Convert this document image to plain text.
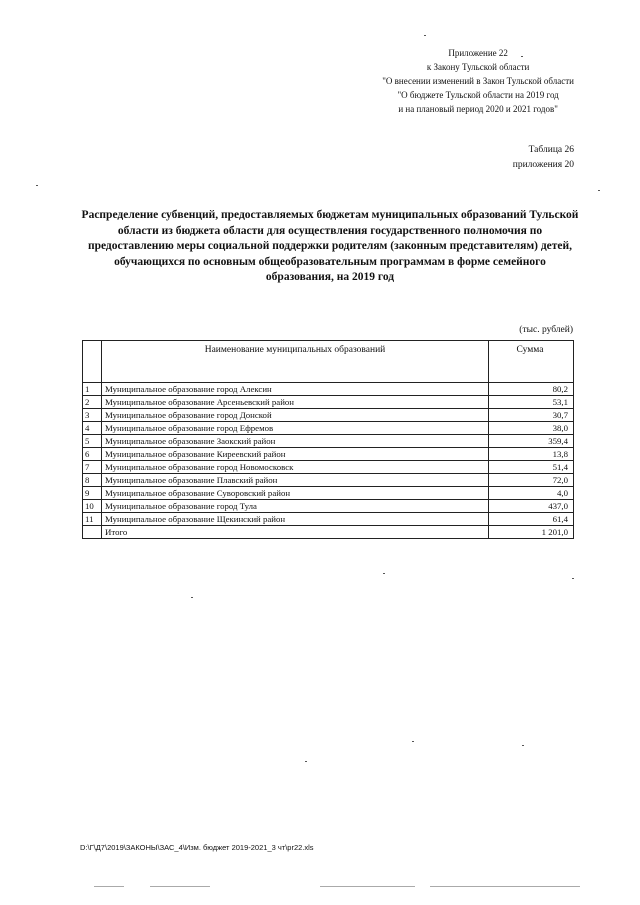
Приложение 22
к Закону Тульской области
"О внесении изменений в Закон Тульской области
"О бюджете Тульской области на 2019 год
и на плановый период 2020 и 2021 годов"
Таблица 26
приложения 20
Распределение субвенций, предоставляемых бюджетам муниципальных образований Тульской области из бюджета области для осуществления государственного полномочия по предоставлению меры социальной поддержки родителям (законным представителям) детей, обучающихся по основным общеобразовательным программам в форме семейного образования, на 2019 год
(тыс. рублей)
	Наименование муниципальных образований	Сумма
1	Муниципальное образование город Алексин	80,2
2	Муниципальное образование Арсеньевский район	53,1
3	Муниципальное образование город Донской	30,7
4	Муниципальное образование город Ефремов	38,0
5	Муниципальное образование Заокский район	359,4
6	Муниципальное образование Киреевский район	13,8
7	Муниципальное образование город Новомосковск	51,4
8	Муниципальное образование Плавский район	72,0
9	Муниципальное образование Суворовский район	4,0
10	Муниципальное образование город Тула	437,0
11	Муниципальное образование Щекинский район	61,4
	Итого	1 201,0
D:\Г\Д7\2019\ЗАКОНЫ\ЗАС_4\Изм. бюджет 2019-2021_3 чт\pr22.xls
